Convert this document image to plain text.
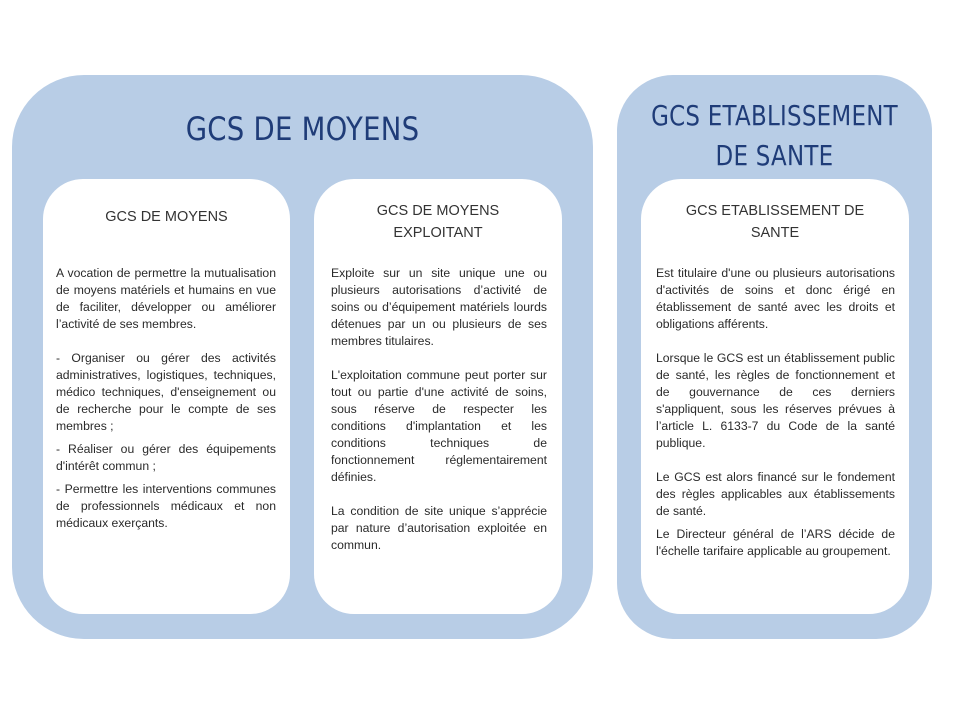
GCS DE MOYENS	GCS ETABLISSEMENT
DE SANTE
GCS DE MOYENS

A vocation de permettre la mutualisation de moyens matériels et humains en vue de faciliter, développer ou améliorer l’activité de ses membres.

- Organiser ou gérer des activités administratives, logistiques, techniques, médico techniques, d'enseignement ou de recherche pour le compte de ses membres ;

- Réaliser ou gérer des équipements d'intérêt commun ;

- Permettre les interventions communes de professionnels médicaux et non médicaux exerçants.

GCS DE MOYENS
EXPLOITANT

Exploite sur un site unique une ou plusieurs autorisations d’activité de soins ou d’équipement matériels lourds détenues par un ou plusieurs de ses membres titulaires.

L'exploitation commune peut porter sur tout ou partie d'une activité de soins, sous réserve de respecter les conditions d'implantation et les conditions techniques de fonctionnement réglementairement définies.

La condition de site unique s’apprécie par nature d’autorisation exploitée en commun.

GCS ETABLISSEMENT DE
SANTE

Est titulaire d'une ou plusieurs autorisations d'activités de soins et donc érigé en établissement de santé avec les droits et obligations afférents.

Lorsque le GCS est un établissement public de santé, les règles de fonctionnement et de gouvernance de ces derniers s'appliquent, sous les réserves prévues à l’article L. 6133-7 du Code de la santé publique.

Le GCS est alors financé sur le fondement des règles applicables aux établissements de santé.

Le Directeur général de l’ARS décide de l'échelle tarifaire applicable au groupement.
